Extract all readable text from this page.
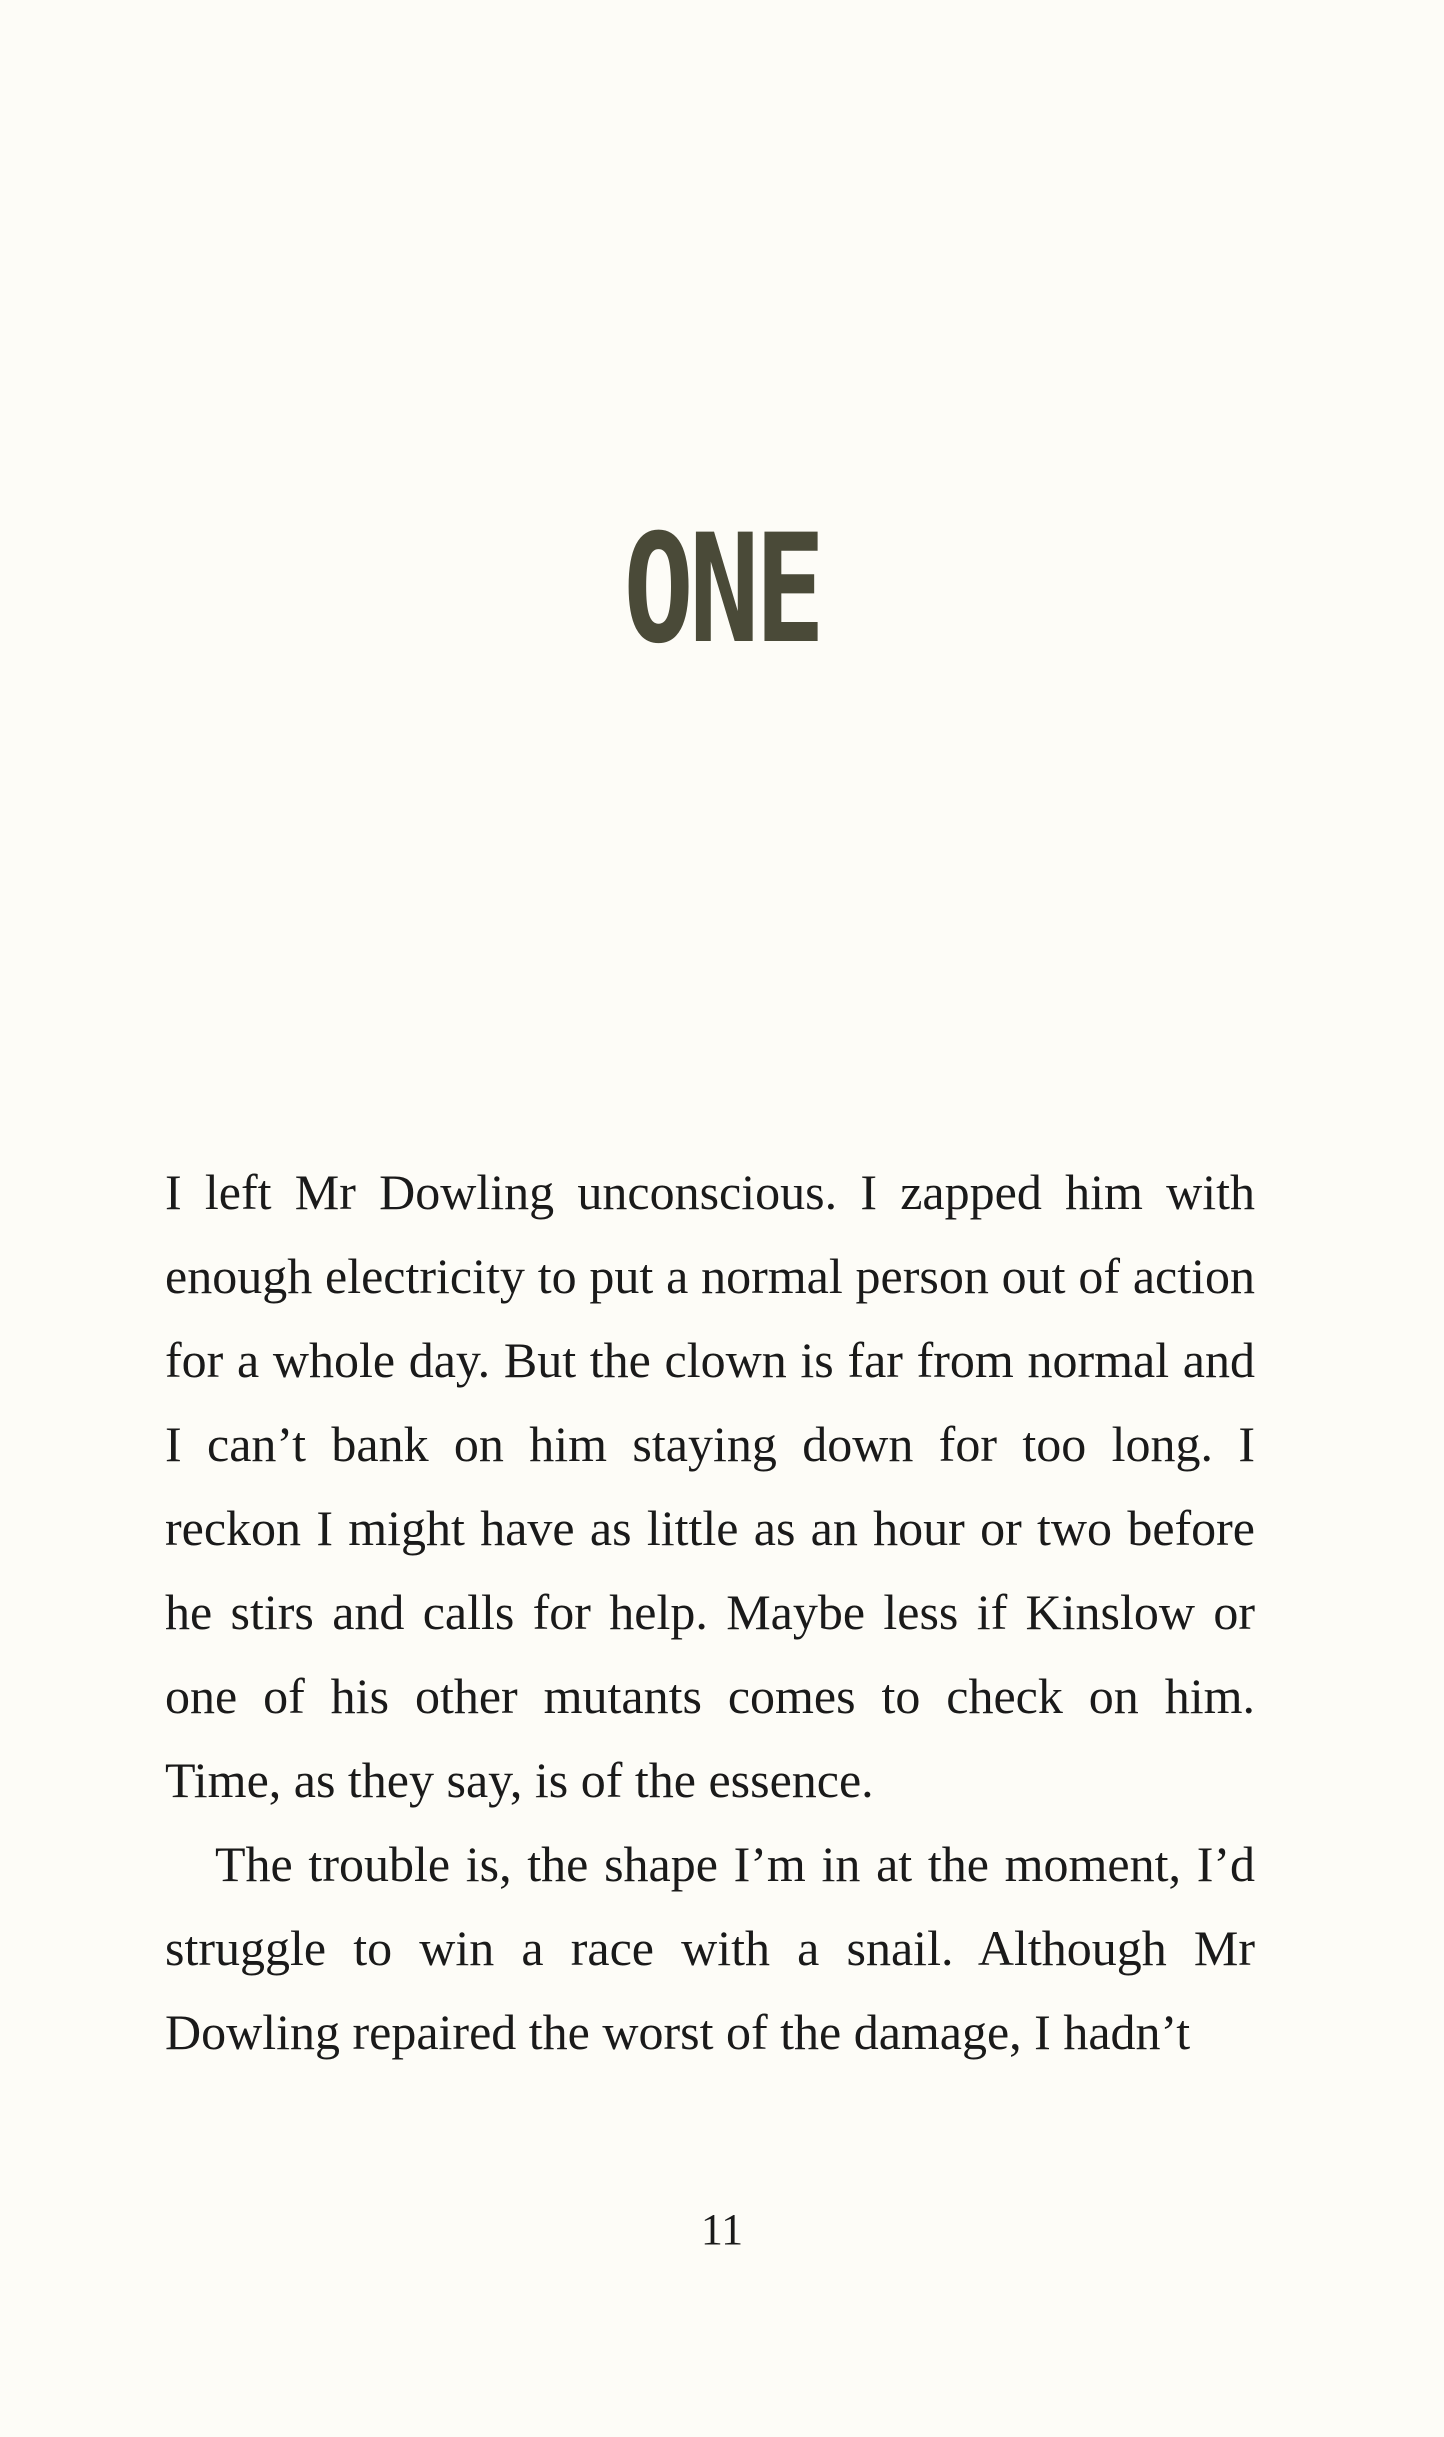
ONE

I left Mr Dowling unconscious. I zapped him with enough electricity to put a normal person out of action for a whole day. But the clown is far from normal and I can’t bank on him staying down for too long. I reckon I might have as little as an hour or two before he stirs and calls for help. Maybe less if Kinslow or one of his other mutants comes to check on him. Time, as they say, is of the essence.

The trouble is, the shape I’m in at the moment, I’d struggle to win a race with a snail. Although Mr Dowling repaired the worst of the damage, I hadn’t

11
